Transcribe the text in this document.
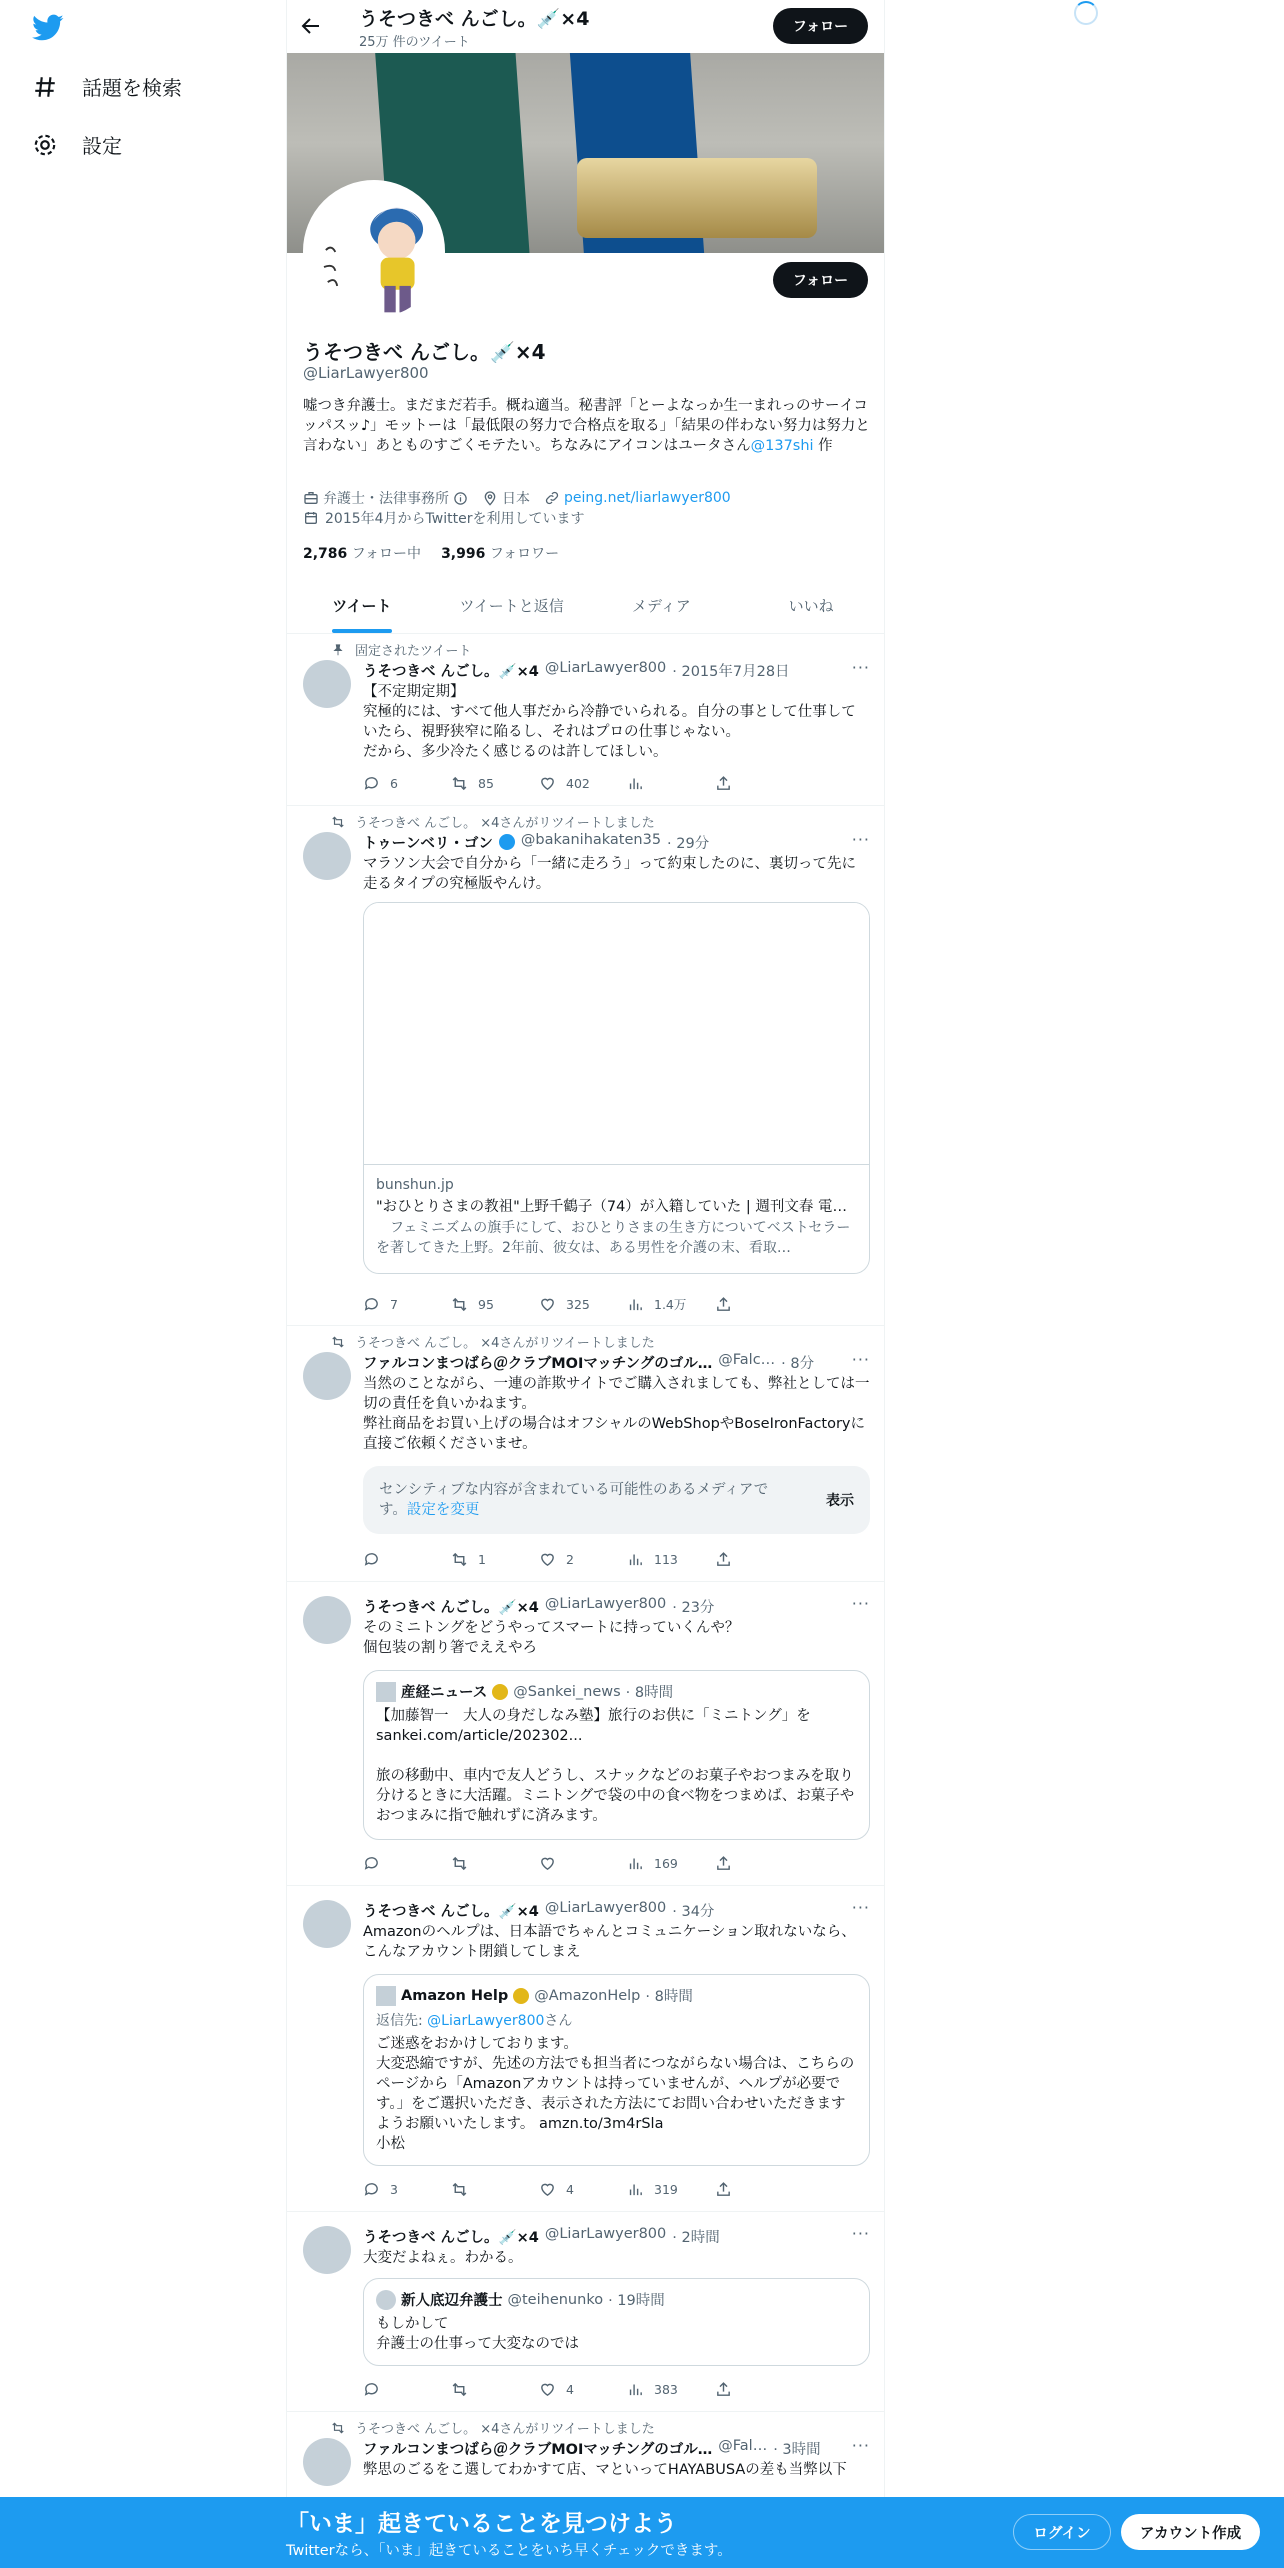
話題を検索
設定
うそつきべ んごし。💉×4
25万 件のツイート
フォロー
フォロー
うそつきべ んごし。💉×4
@LiarLawyer800
嘘つき弁護士。まだまだ若手。概ね適当。秘書評「とーよなっか生一まれっのサーイコッパスッ♪」モットーは「最低限の努力で合格点を取る」「結果の伴わない努力は努力と言わない」あとものすごくモテたい。ちなみにアイコンはユータさん@137shi 作
弁護士・法律事務所	日本 peing.net/liarlawyer800
2015年4月からTwitterを利用しています
2,786 フォロー中 3,996 フォロワー
ツイート	ツイートと返信	メディア	いいね
固定されたツイート
うそつきべ んごし。💉×4 @LiarLawyer800 · 2015年7月28日	···
【不定期定期】
究極的には、すべて他人事だから冷静でいられる。自分の事として仕事していたら、視野狭窄に陥るし、それはプロの仕事じゃない。
だから、多少冷たく感じるのは許してほしい。
6	85	402
うそつきべ んごし。 ×4さんがリツイートしました
トゥーンベリ・ゴン @bakanihakaten35 · 29分	···
マラソン大会で自分から「一緒に走ろう」って約束したのに、裏切って先に走るタイプの究極版やんけ。
bunshun.jp
"おひとりさまの教祖"上野千鶴子（74）が入籍していた | 週刊文春 電…
　フェミニズムの旗手にして、おひとりさまの生き方についてベストセラーを著してきた上野。2年前、彼女は、ある男性を介護の末、看取…
7	95	325	1.4万
うそつきべ んごし。 ×4さんがリツイートしました
ファルコンまつばら＠クラブMOIマッチングのゴル… @Falc… · 8分 ···
当然のことながら、一連の詐欺サイトでご購入されましても、弊社としては一切の責任を負いかねます。
弊社商品をお買い上げの場合はオフシャルのWebShopやBoseIronFactoryに直接ご依頼くださいませ。
センシティブな内容が含まれている可能性のあるメディアです。設定を変更
表示
1	2	113
うそつきべ んごし。💉×4 @LiarLawyer800 · 23分	···
そのミニトングをどうやってスマートに持っていくんや？
個包装の割り箸でええやろ
産経ニュース @Sankei_news · 8時間
【加藤智一　大人の身だしなみ塾】旅行のお供に「ミニトング」を
sankei.com/article/202302...

旅の移動中、車内で友人どうし、スナックなどのお菓子やおつまみを取り分けるときに大活躍。ミニトングで袋の中の食べ物をつまめば、お菓子やおつまみに指で触れずに済みます。
169
うそつきべ んごし。💉×4 @LiarLawyer800 · 34分	···
Amazonのヘルプは、日本語でちゃんとコミュニケーション取れないなら、こんなアカウント閉鎖してしまえ
Amazon Help @AmazonHelp · 8時間
返信先: @LiarLawyer800さん
ご迷惑をおかけしております。
大変恐縮ですが、先述の方法でも担当者につながらない場合は、こちらのページから「Amazonアカウントは持っていませんが、ヘルプが必要です。」をご選択いただき、表示された方法にてお問い合わせいただきますようお願いいたします。 amzn.to/3m4rSla
小松
3	4	319
うそつきべ んごし。💉×4 @LiarLawyer800 · 2時間	···
大変だよねぇ。わかる。
新人底辺弁護士 @teihenunko · 19時間
もしかして
弁護士の仕事って大変なのでは
4	383
うそつきべ んごし。 ×4さんがリツイートしました
ファルコンまつばら＠クラブMOIマッチングのゴル… @Fal… · 3時間 ···
弊思のごるをこ選してわかすて店、マといってHAYABUSAの差も当弊以下
「いま」起きていることを見つけよう
Twitterなら、「いま」起きていることをいち早くチェックできます。
ログイン	アカウント作成
